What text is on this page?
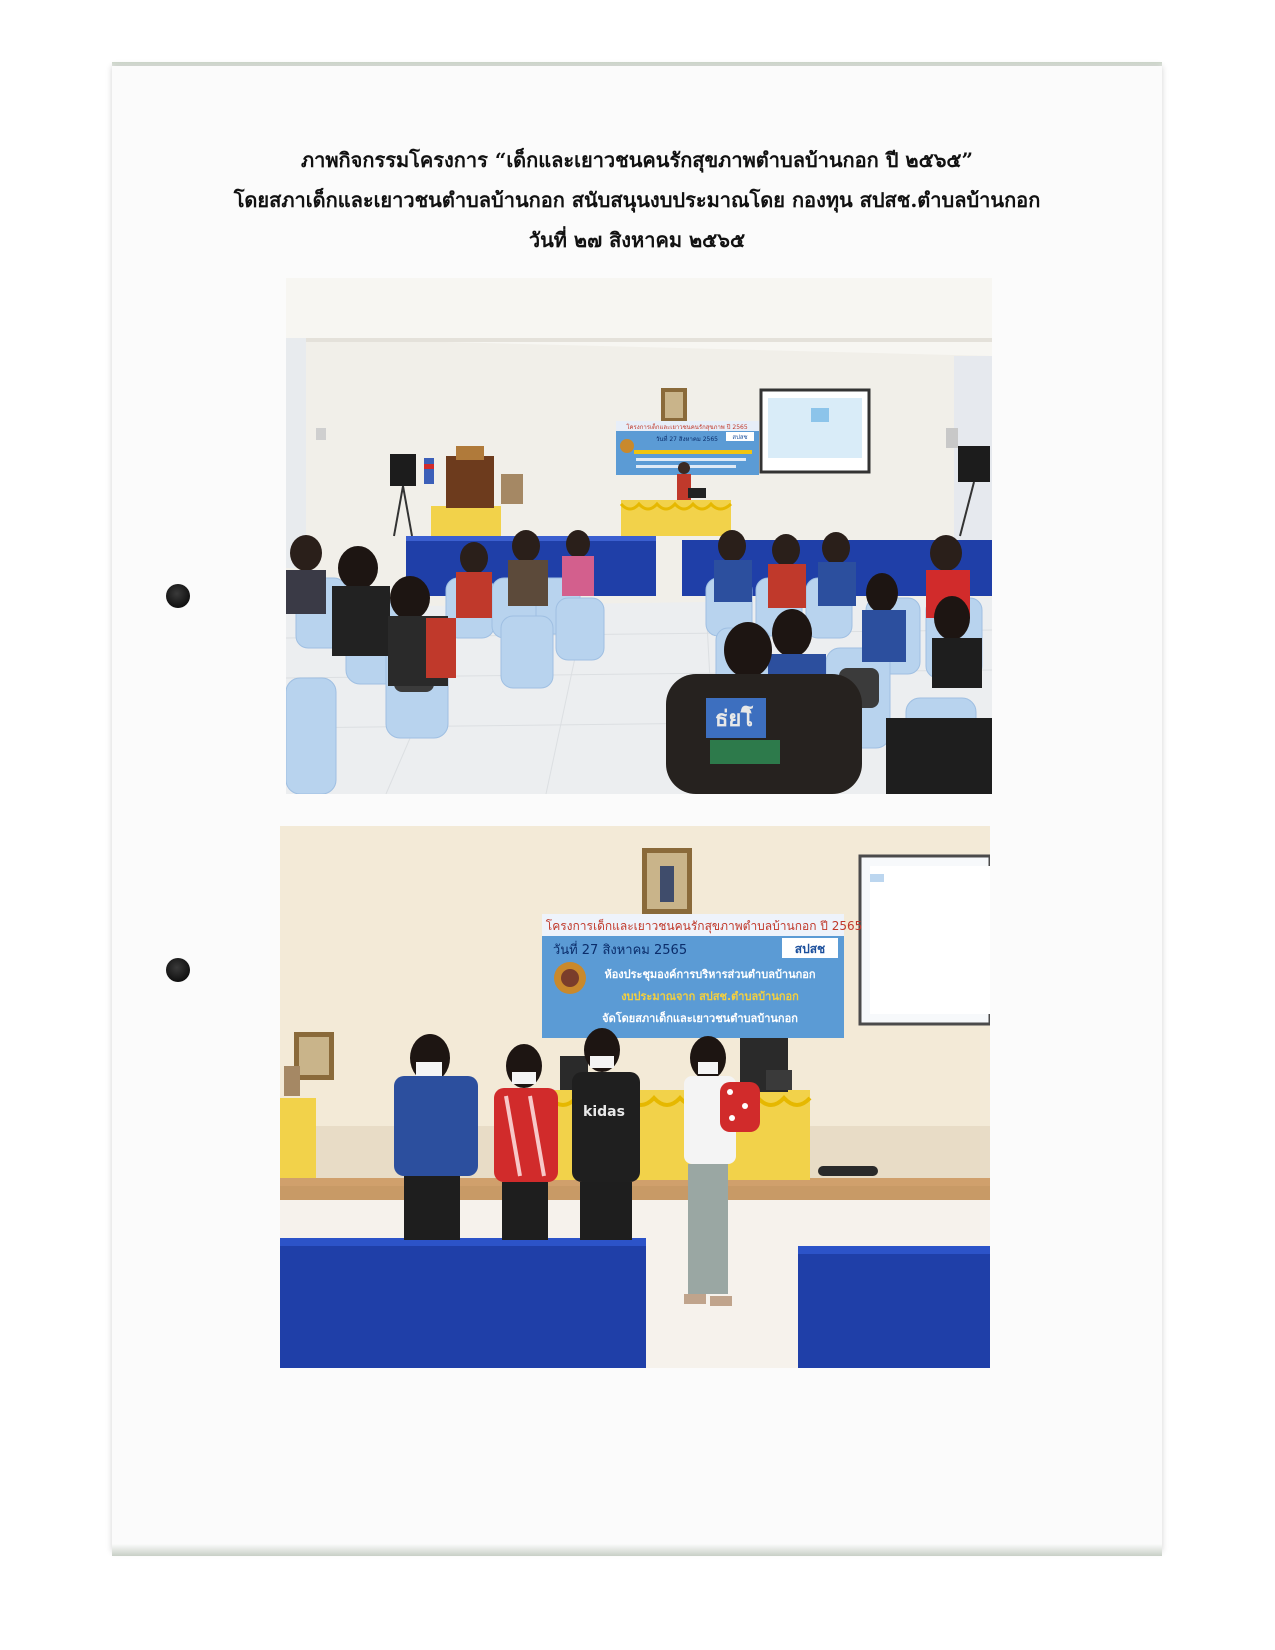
ภาพกิจกรรมโครงการ “เด็กและเยาวชนคนรักสุขภาพตำบลบ้านกอก ปี ๒๕๖๕”
โดยสภาเด็กและเยาวชนตำบลบ้านกอก สนับสนุนงบประมาณโดย กองทุน สปสช.ตำบลบ้านกอก
วันที่ ๒๗ สิงหาคม ๒๕๖๕
โครงการเด็กและเยาวชนคนรักสุขภาพ ปี 2565
วันที่ 27 สิงหาคม 2565 สปสช
ธ่ยโิ
โครงการเด็กและเยาวชนคนรักสุขภาพตำบลบ้านกอก ปี 2565
วันที่ 27 สิงหาคม 2565	สปสช
ห้องประชุมองค์การบริหารส่วนตำบลบ้านกอก
งบประมาณจาก สปสช.ตำบลบ้านกอก
จัดโดยสภาเด็กและเยาวชนตำบลบ้านกอก
kidas
